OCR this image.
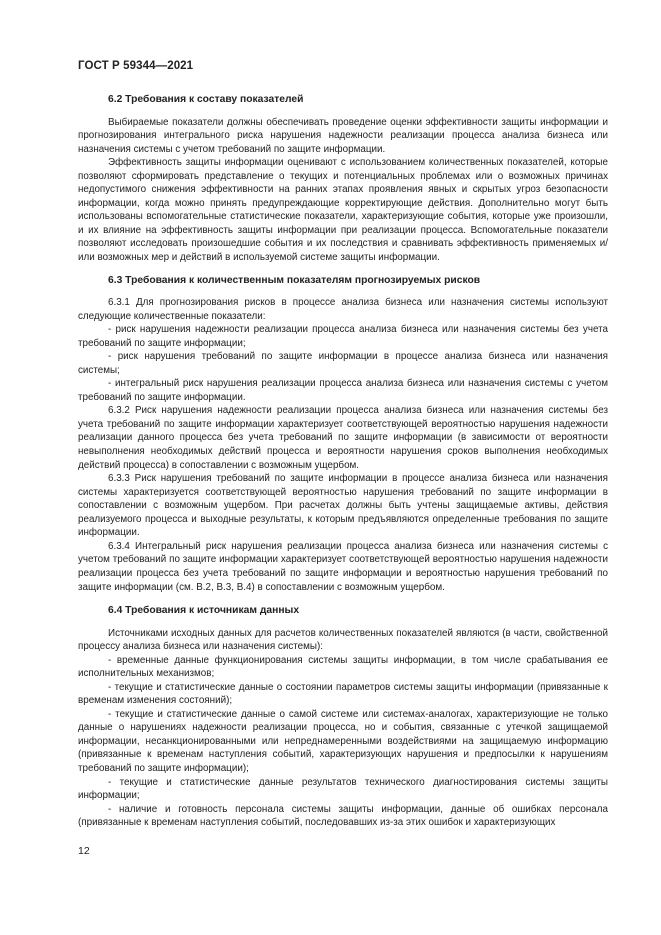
ГОСТ Р 59344—2021
6.2 Требования к составу показателей

Выбираемые показатели должны обеспечивать проведение оценки эффективности защиты информации и прогнозирования интегрального риска нарушения надежности реализации процесса анализа бизнеса или назначения системы с учетом требований по защите информации.

Эффективность защиты информации оценивают с использованием количественных показателей, которые позволяют сформировать представление о текущих и потенциальных проблемах или о возможных причинах недопустимого снижения эффективности на ранних этапах проявления явных и скрытых угроз безопасности информации, когда можно принять предупреждающие корректирующие действия. Дополнительно могут быть использованы вспомогательные статистические показатели, характеризующие события, которые уже произошли, и их влияние на эффективность защиты информации при реализации процесса. Вспомогательные показатели позволяют исследовать произошедшие события и их последствия и сравнивать эффективность применяемых и/или возможных мер и действий в используемой системе защиты информации.

6.3 Требования к количественным показателям прогнозируемых рисков

6.3.1 Для прогнозирования рисков в процессе анализа бизнеса или назначения системы используют следующие количественные показатели:

- риск нарушения надежности реализации процесса анализа бизнеса или назначения системы без учета требований по защите информации;

- риск нарушения требований по защите информации в процессе анализа бизнеса или назначения системы;

- интегральный риск нарушения реализации процесса анализа бизнеса или назначения системы с учетом требований по защите информации.

6.3.2 Риск нарушения надежности реализации процесса анализа бизнеса или назначения системы без учета требований по защите информации характеризует соответствующей вероятностью нарушения надежности реализации данного процесса без учета требований по защите информации (в зависимости от вероятности невыполнения необходимых действий процесса и вероятности нарушения сроков выполнения необходимых действий процесса) в сопоставлении с возможным ущербом.

6.3.3 Риск нарушения требований по защите информации в процессе анализа бизнеса или назначения системы характеризуется соответствующей вероятностью нарушения требований по защите информации в сопоставлении с возможным ущербом. При расчетах должны быть учтены защищаемые активы, действия реализуемого процесса и выходные результаты, к которым предъявляются определенные требования по защите информации.

6.3.4 Интегральный риск нарушения реализации процесса анализа бизнеса или назначения системы с учетом требований по защите информации характеризует соответствующей вероятностью нарушения надежности реализации процесса без учета требований по защите информации и вероятностью нарушения требований по защите информации (см. В.2, В.3, В.4) в сопоставлении с возможным ущербом.

6.4 Требования к источникам данных

Источниками исходных данных для расчетов количественных показателей являются (в части, свойственной процессу анализа бизнеса или назначения системы):

- временные данные функционирования системы защиты информации, в том числе срабатывания ее исполнительных механизмов;

- текущие и статистические данные о состоянии параметров системы защиты информации (привязанные к временам изменения состояний);

- текущие и статистические данные о самой системе или системах-аналогах, характеризующие не только данные о нарушениях надежности реализации процесса, но и события, связанные с утечкой защищаемой информации, несанкционированными или непреднамеренными воздействиями на защищаемую информацию (привязанные к временам наступления событий, характеризующих нарушения и предпосылки к нарушениям требований по защите информации);

- текущие и статистические данные результатов технического диагностирования системы защиты информации;

- наличие и готовность персонала системы защиты информации, данные об ошибках персонала (привязанные к временам наступления событий, последовавших из-за этих ошибок и характеризующих

12
